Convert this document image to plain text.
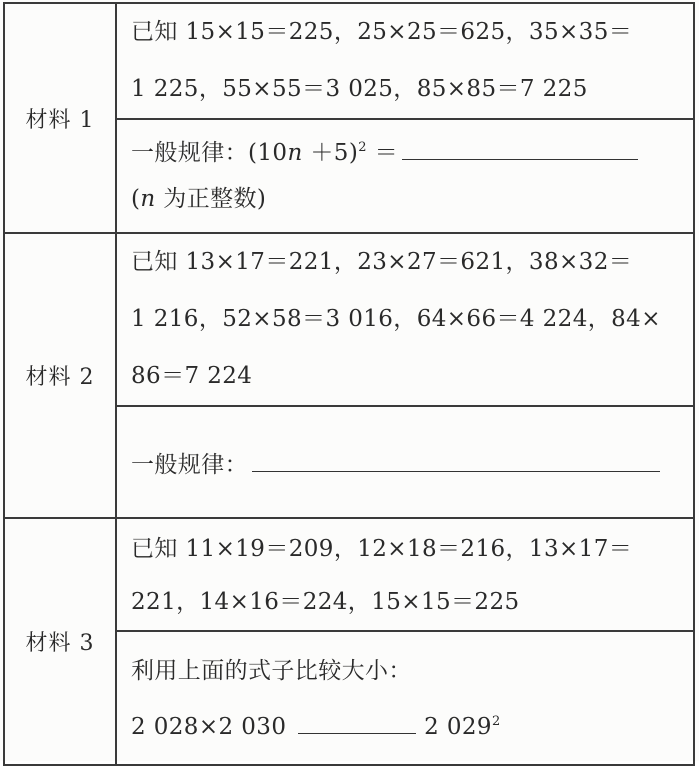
材料 1	已知 15×15＝225，25×25＝625，35×35＝
1 225，55×55＝3 025，85×85＝7 225

	一般规律：$(10n +5)^2$ ＝
(n 为正整数)

材料 2	已知 13×17＝221，23×27＝621，38×32＝
1 216，52×58＝3 016，64×66＝4 224，84×
86＝7 224

	一般规律：

材料 3	已知 11×19＝209，12×18＝216，13×17＝
221，14×16＝224，15×15＝225

	利用上面的式子比较大小：
2 028×2 030 2 $029^2$
